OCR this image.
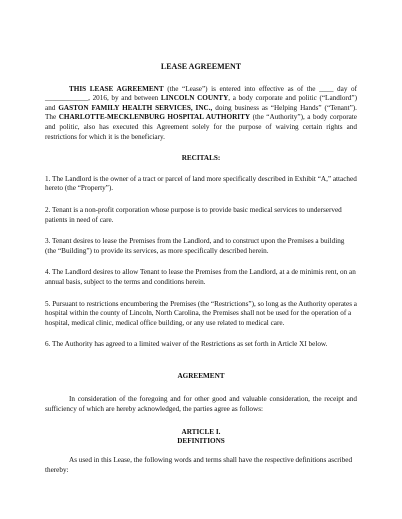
LEASE AGREEMENT

THIS LEASE AGREEMENT (the “Lease”) is entered into effective as of the ____ day of ____________, 2016, by and between LINCOLN COUNTY, a body corporate and politic (“Landlord”) and GASTON FAMILY HEALTH SERVICES, INC., doing business as “Helping Hands” (“Tenant”). The CHARLOTTE-MECKLENBURG HOSPITAL AUTHORITY (the “Authority”), a body corporate and politic, also has executed this Agreement solely for the purpose of waiving certain rights and restrictions for which it is the beneficiary.

RECITALS:

1. The Landlord is the owner of a tract or parcel of land more specifically described in Exhibit “A,” attached hereto (the “Property”).

2. Tenant is a non-profit corporation whose purpose is to provide basic medical services to underserved patients in need of care.

3. Tenant desires to lease the Premises from the Landlord, and to construct upon the Premises a building (the “Building”) to provide its services, as more specifically described herein.

4. The Landlord desires to allow Tenant to lease the Premises from the Landlord, at a de minimis rent, on an annual basis, subject to the terms and conditions herein.

5. Pursuant to restrictions encumbering the Premises (the “Restrictions”), so long as the Authority operates a hospital within the county of Lincoln, North Carolina, the Premises shall not be used for the operation of a hospital, medical clinic, medical office building, or any use related to medical care.

6. The Authority has agreed to a limited waiver of the Restrictions as set forth in Article XI below.

AGREEMENT

In consideration of the foregoing and for other good and valuable consideration, the receipt and sufficiency of which are hereby acknowledged, the parties agree as follows:

ARTICLE I.
DEFINITIONS

As used in this Lease, the following words and terms shall have the respective definitions ascribed thereby:
